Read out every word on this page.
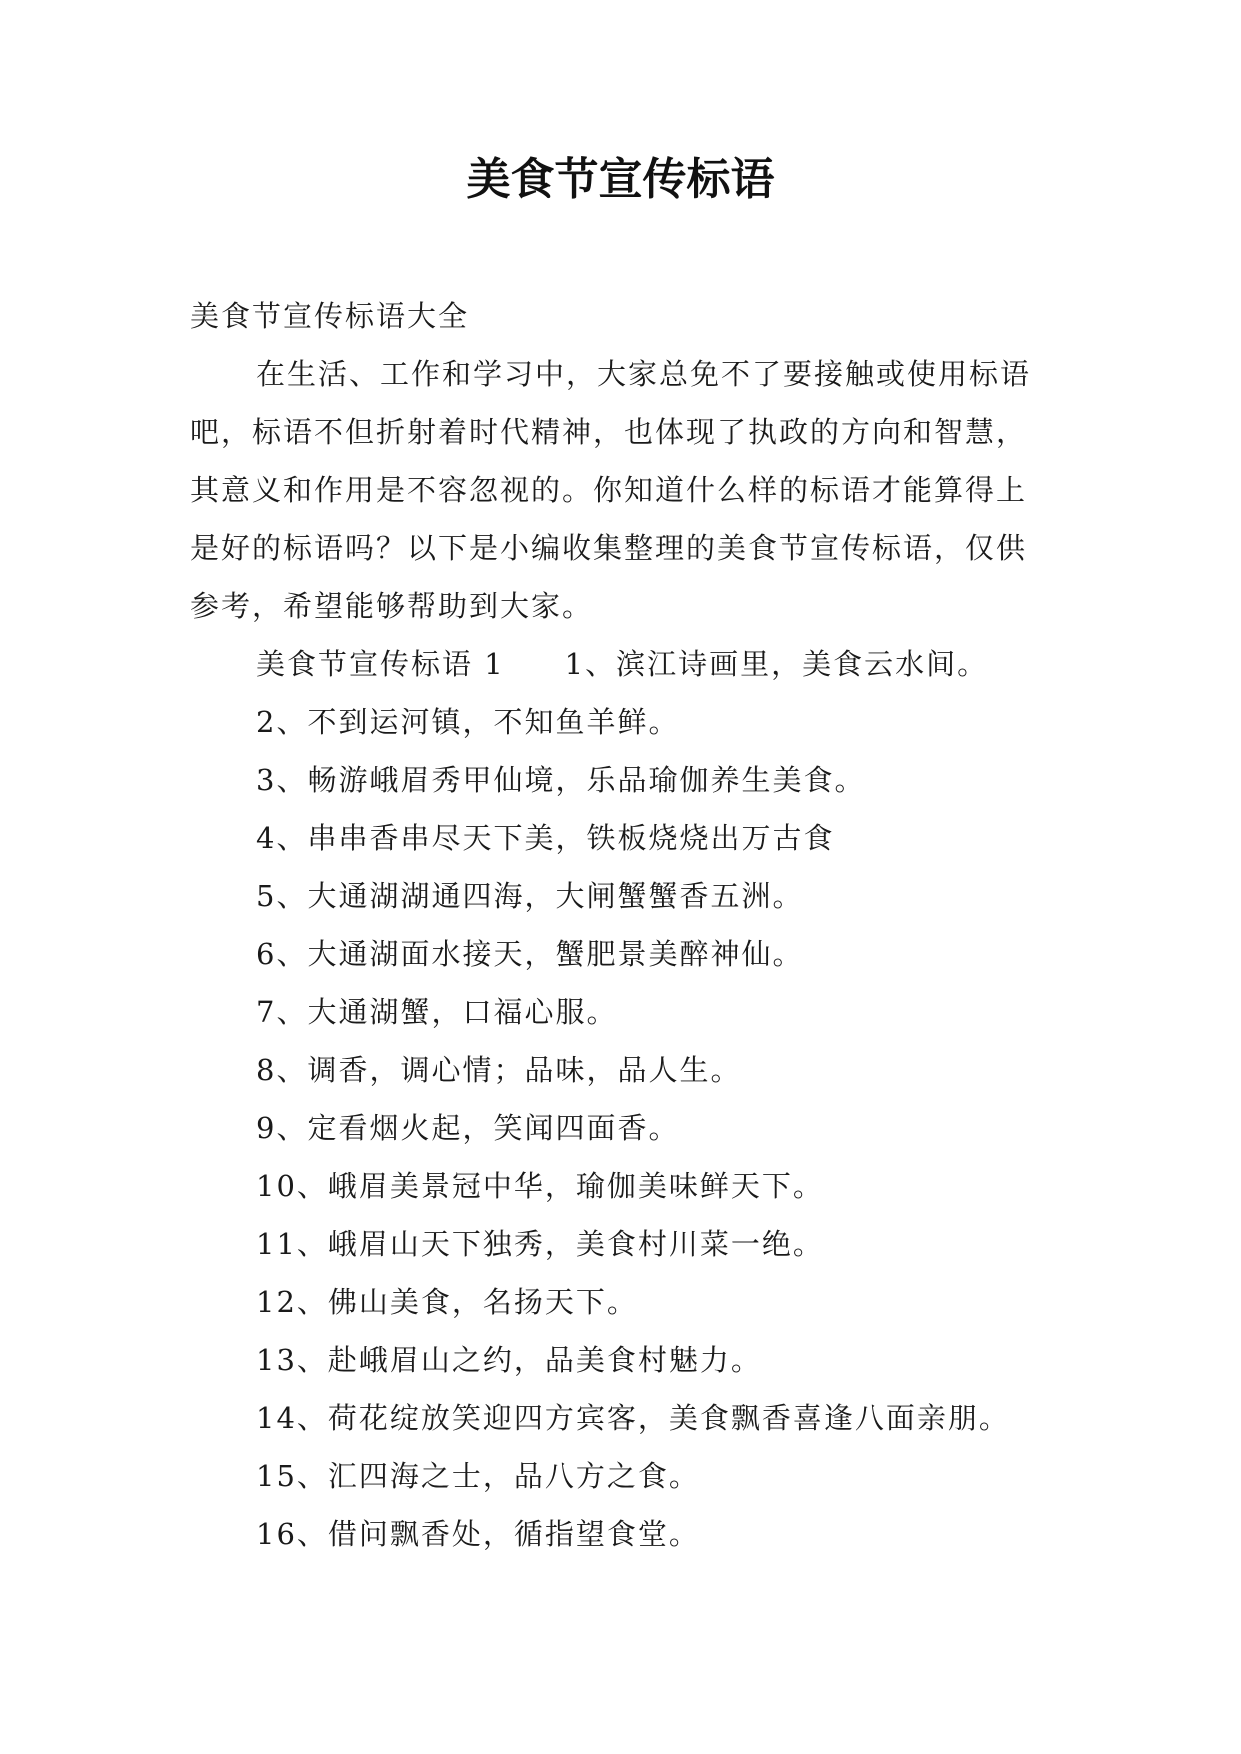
美食节宣传标语
美食节宣传标语大全
在生活、工作和学习中，大家总免不了要接触或使用标语吧，标语不但折射着时代精神，也体现了执政的方向和智慧，其意义和作用是不容忽视的。你知道什么样的标语才能算得上是好的标语吗？以下是小编收集整理的美食节宣传标语，仅供参考，希望能够帮助到大家。
美食节宣传标语 1 1、滨江诗画里，美食云水间。
2、不到运河镇，不知鱼羊鲜。
3、畅游峨眉秀甲仙境，乐品瑜伽养生美食。
4、串串香串尽天下美，铁板烧烧出万古食
5、大通湖湖通四海，大闸蟹蟹香五洲。
6、大通湖面水接天，蟹肥景美醉神仙。
7、大通湖蟹，口福心服。
8、调香，调心情；品味，品人生。
9、定看烟火起，笑闻四面香。
10、峨眉美景冠中华，瑜伽美味鲜天下。
11、峨眉山天下独秀，美食村川菜一绝。
12、佛山美食，名扬天下。
13、赴峨眉山之约，品美食村魅力。
14、荷花绽放笑迎四方宾客，美食飘香喜逢八面亲朋。
15、汇四海之士，品八方之食。
16、借问飘香处，循指望食堂。
